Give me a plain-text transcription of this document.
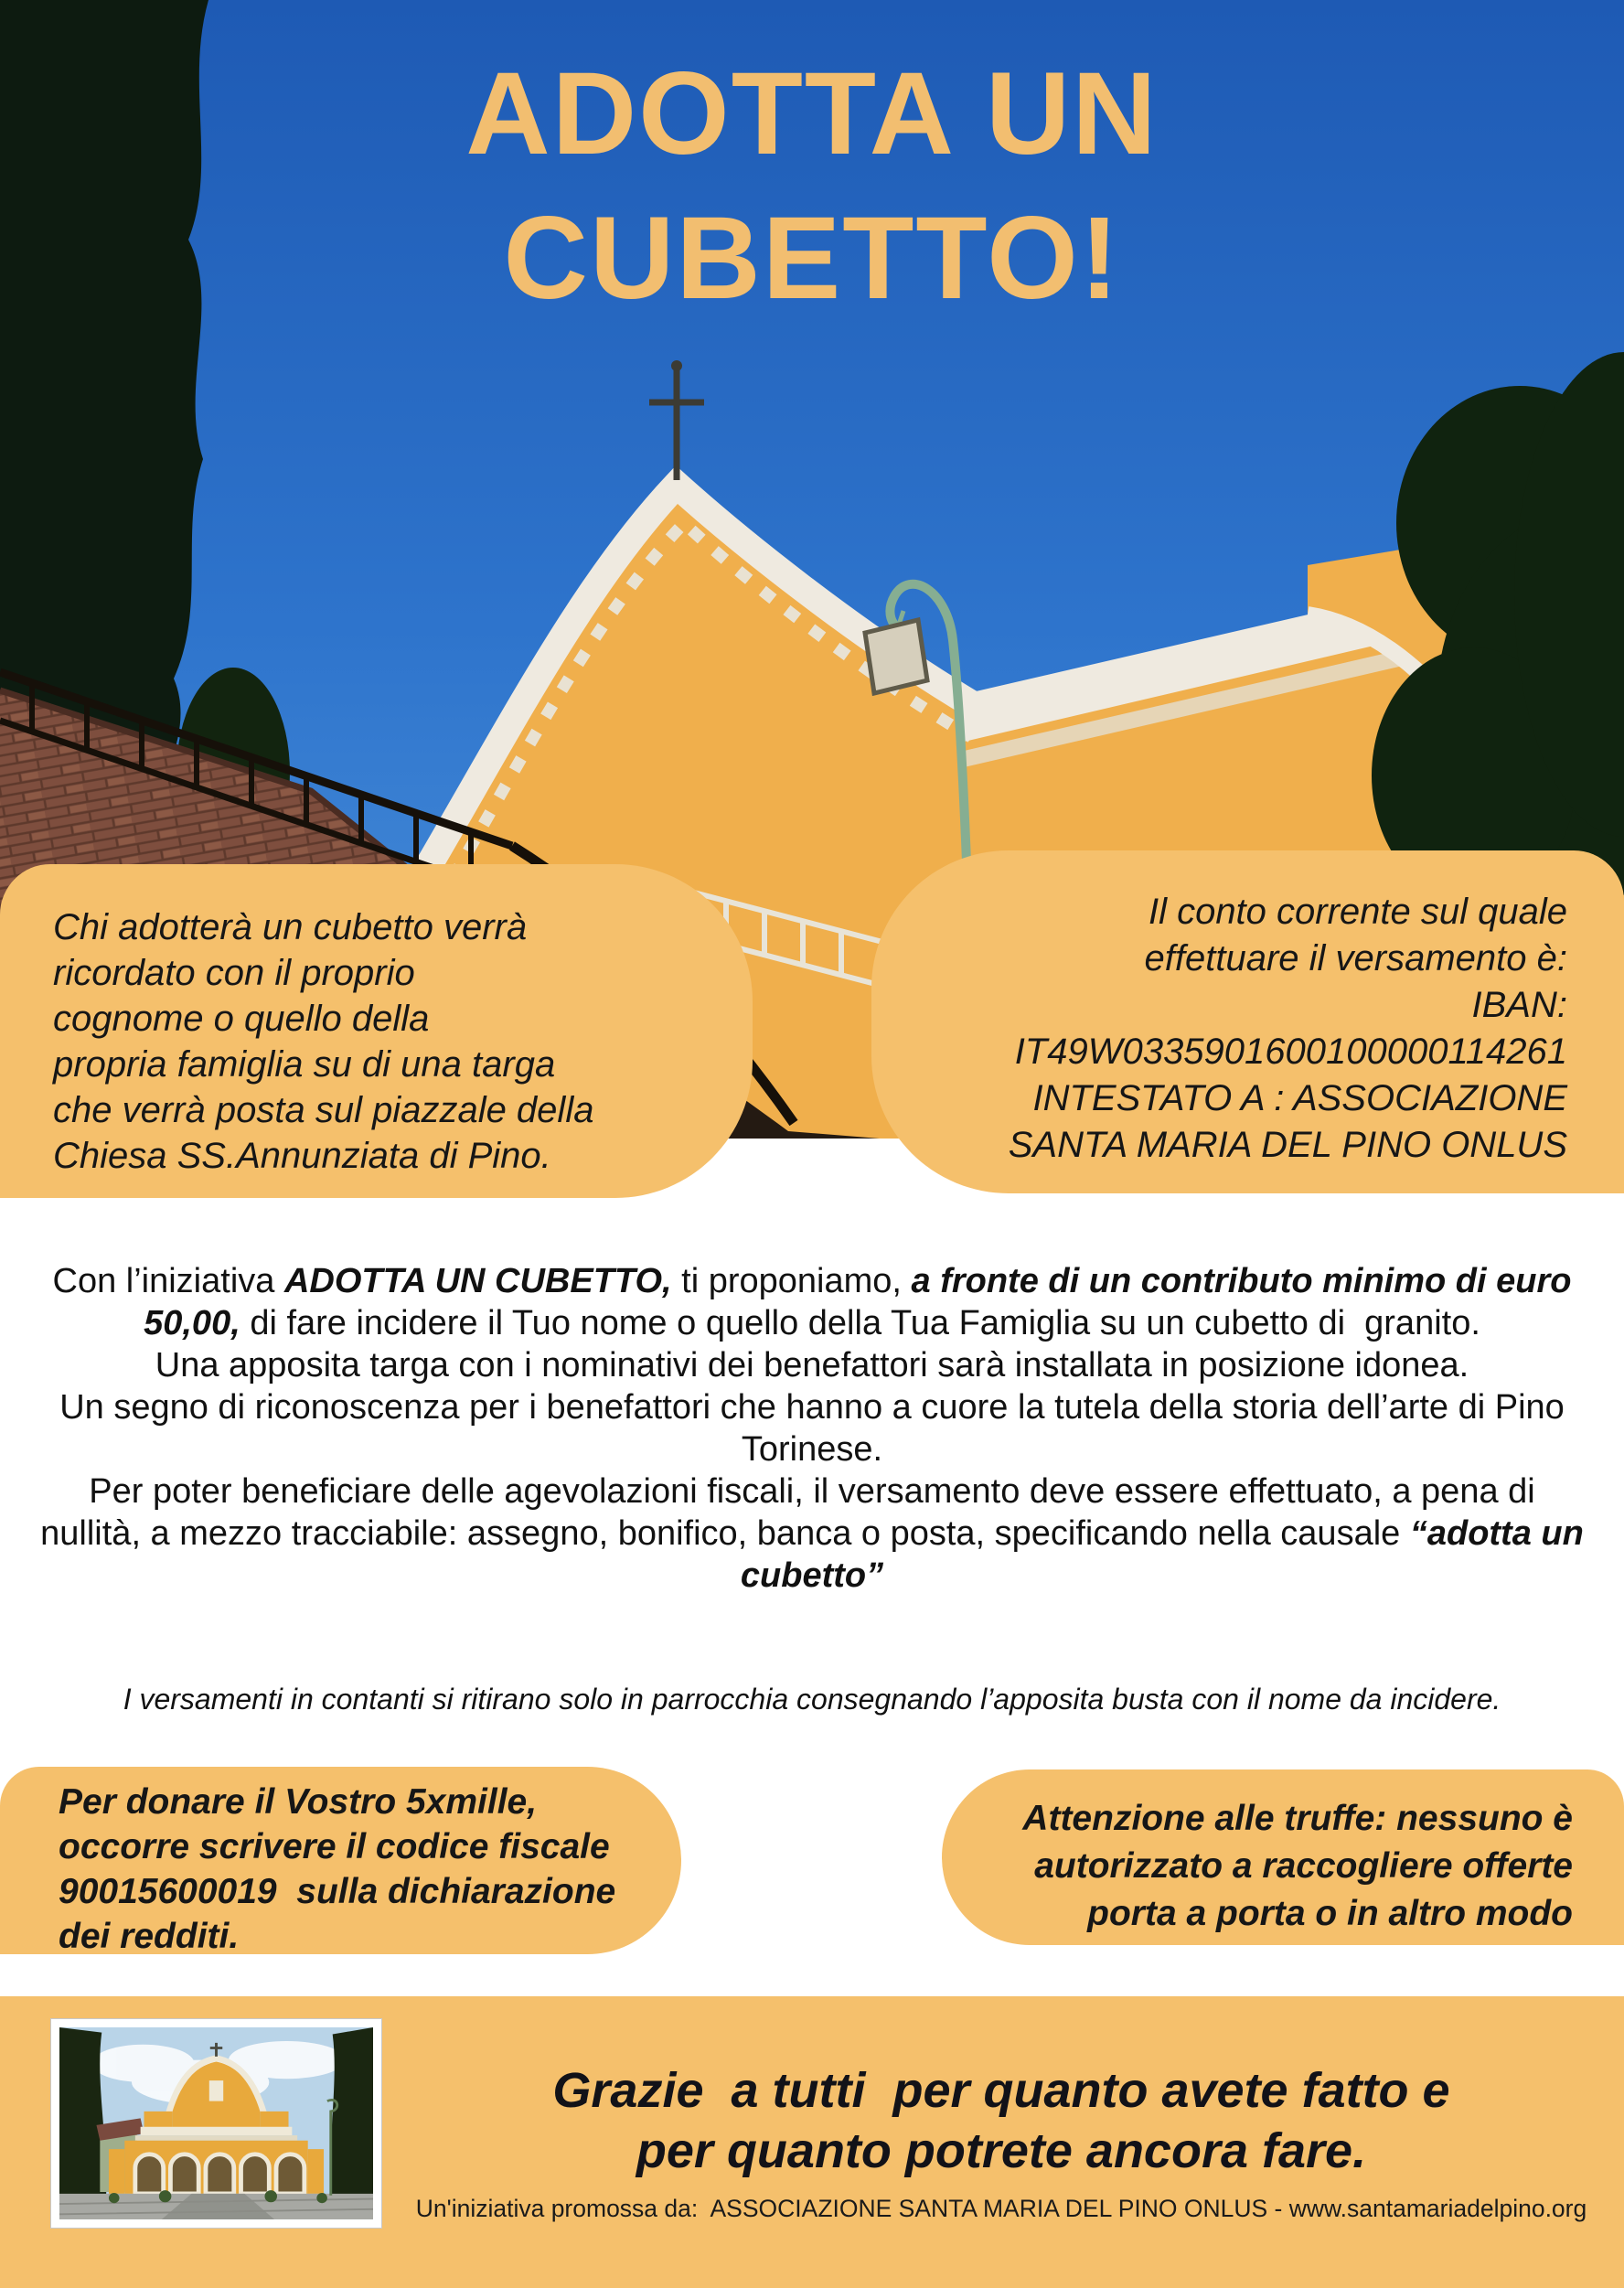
ADOTTA UN
CUBETTO!
Chi adotterà un cubetto verrà
ricordato con il proprio
cognome o quello della
propria famiglia su di una targa
che verrà posta sul piazzale della
Chiesa SS.Annunziata di Pino.
Il conto corrente sul quale
effettuare il versamento è:
IBAN:
IT49W0335901600100000114261
INTESTATO A : ASSOCIAZIONE
SANTA MARIA DEL PINO ONLUS

Con l’iniziativa ADOTTA UN CUBETTO, ti proponiamo, a fronte di un contributo minimo di euro 50,00, di fare incidere il Tuo nome o quello della Tua Famiglia su un cubetto di  granito.

Una apposita targa con i nominativi dei benefattori sarà installata in posizione idonea.

Un segno di riconoscenza per i benefattori che hanno a cuore la tutela della storia dell’arte di Pino Torinese.

Per poter beneficiare delle agevolazioni fiscali, il versamento deve essere effettuato, a pena di nullità, a mezzo tracciabile: assegno, bonifico, banca o posta, specificando nella causale “adotta un cubetto”

I versamenti in contanti si ritirano solo in parrocchia consegnando l’apposita busta con il nome da incidere.
Per donare il Vostro 5xmille,
occorre scrivere il codice fiscale
90015600019  sulla dichiarazione
dei redditi.
Attenzione alle truffe: nessuno è
autorizzato a raccogliere offerte
porta a porta o in altro modo
Grazie  a tutti  per quanto avete fatto e
per quanto potrete ancora fare.
Un'iniziativa promossa da:  ASSOCIAZIONE SANTA MARIA DEL PINO ONLUS - www.santamariadelpino.org
